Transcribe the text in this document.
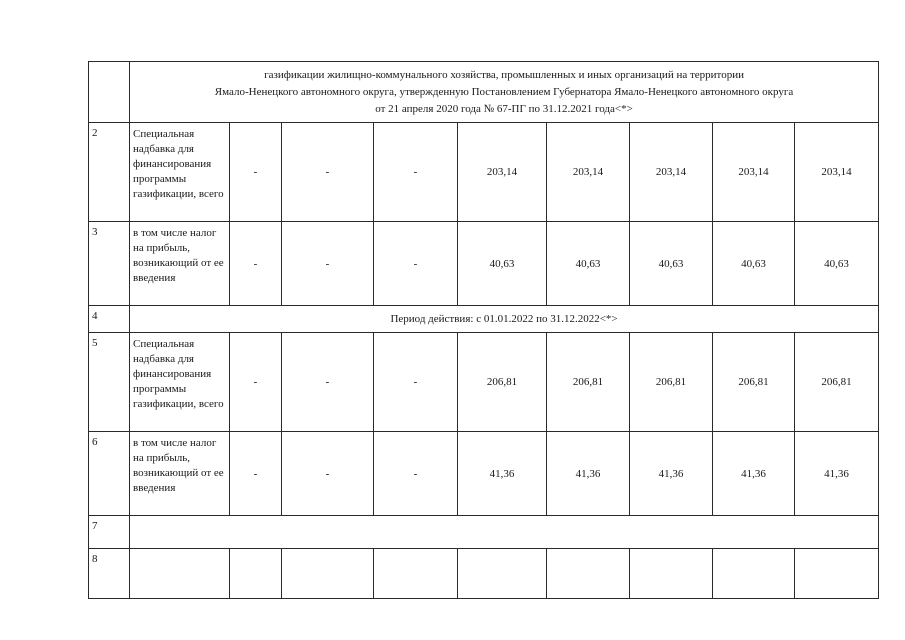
	газификации жилищно-коммунального хозяйства, промышленных и иных организаций на территории
Ямало-Ненецкого автономного округа, утвержденную Постановлением Губернатора Ямало-Ненецкого автономного округа
от 21 апреля 2020 года № 67-ПГ по 31.12.2021 года<*>								

2	Специальная надбавка для финансирования программы газификации, всего	-	-	-	203,14	203,14	203,14	203,14	203,14
3	в том числе налог на прибыль, возникающий от ее введения	-	-	-	40,63	40,63	40,63	40,63	40,63
4	Период действия: с 01.01.2022 по 31.12.2022<*>								
5	Специальная надбавка для финансирования программы газификации, всего	-	-	-	206,81	206,81	206,81	206,81	206,81
6	в том числе налог на прибыль, возникающий от ее введения	-	-	-	41,36	41,36	41,36	41,36	41,36
7									
8									
